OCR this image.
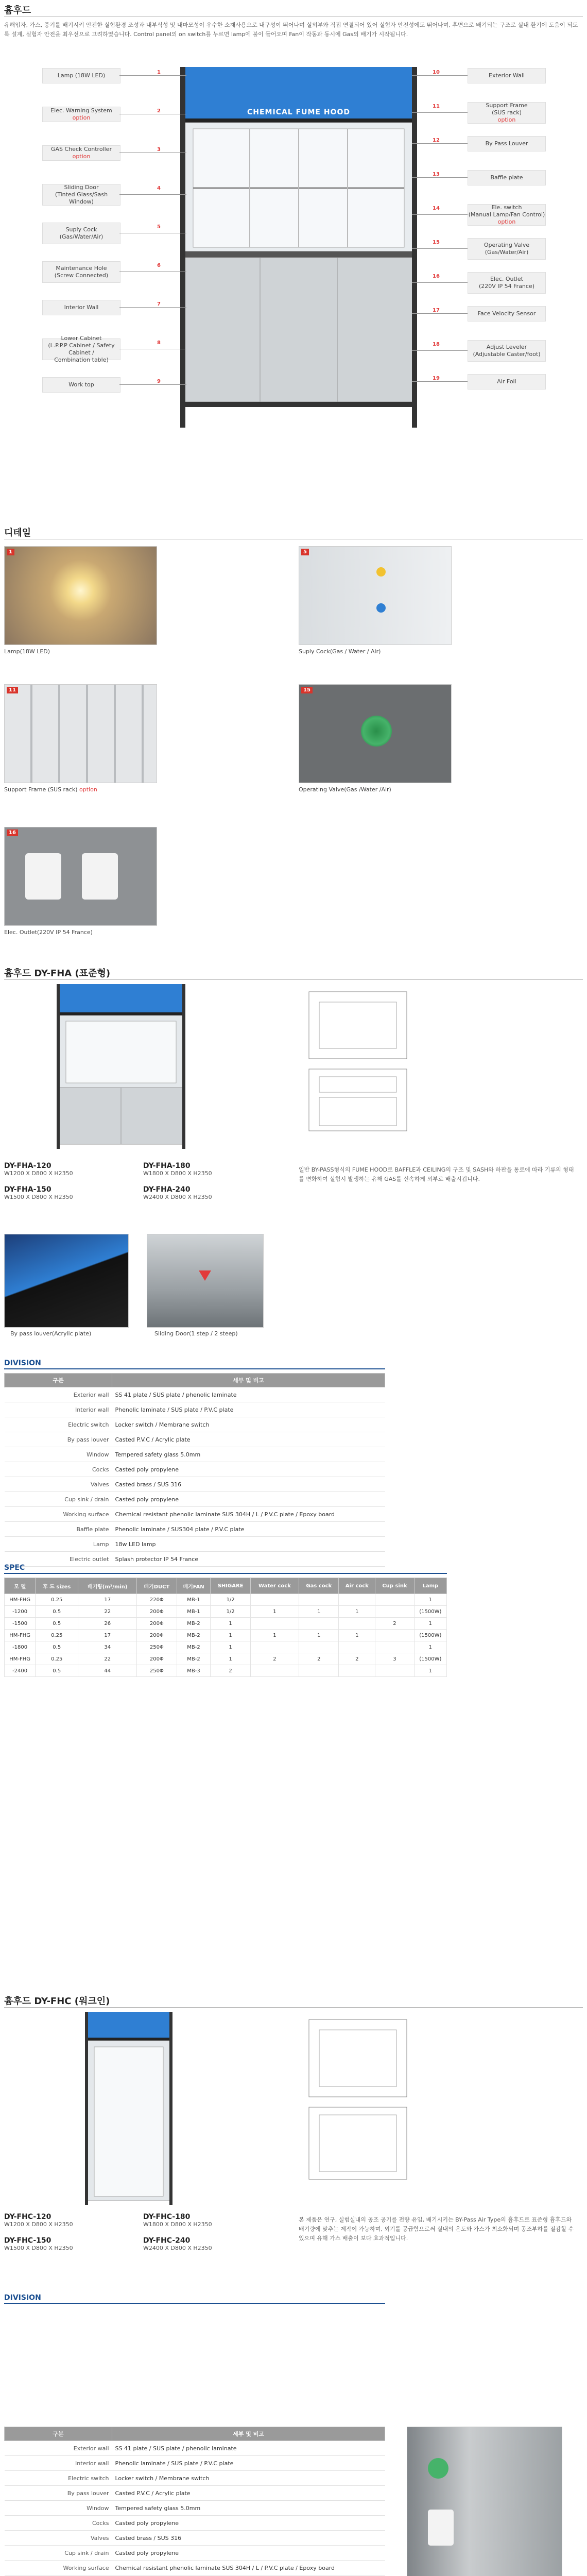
흄후드
유해입자, 가스, 증기를 배기시켜 안전한 실험환경 조성과 내부식성 및 내마모성이 우수한 소재사용으로 내구성이 뛰어나며 실외부와 직접 연결되어 있어 실험자 안전성에도 뛰어나며, 후면으로 배기되는 구조로 실내 환기에 도움이 되도록 설계, 실험자 안전을 최우선으로 고려하였습니다. Control panel의 on switch를 누르면 lamp에 불이 들어오며 Fan이 작동과 동시에 Gas의 배기가 시작됩니다.
CHEMICAL FUME HOOD
Lamp (18W LED)	1
Elec. Warning System
option
2
GAS Check Controller
option
3
Sliding Door
(Tinted Glass/Sash Window)
4
Suply Cock
(Gas/Water/Air)
5
Maintenance Hole
(Screw Connected)
6
Interior Wall	7
Lower Cabinet
(L.P.P.P Cabinet / Safety Cabinet /
Combination table)
8
Work top	9
Exterior Wall
10
Support Frame
(SUS rack)
option
11
By Pass Louver
12
Baffle plate
13
Ele. switch
(Manual Lamp/Fan Control)
option
14
Operating Valve
(Gas/Water/Air)
15
Elec. Outlet
(220V IP 54 France)
16
Face Velocity Sensor
17
Adjust Leveler
(Adjustable Caster/foot)
18
Air Foil
19
디테일
1
Lamp(18W LED)
5
Suply Cock(Gas / Water / Air)
11
Support Frame (SUS rack) option
15
Operating Valve(Gas /Water /Air)
16
Elec. Outlet(220V IP 54 France)
흄후드 DY-FHA (표준형)
DY-FHA-120
W1200 X D800 X H2350
DY-FHA-180
W1800 X D800 X H2350
DY-FHA-150
W1500 X D800 X H2350
DY-FHA-240
W2400 X D800 X H2350
일반 BY-PASS형식의 FUME HOOD로 BAFFLE과 CEILING의 구조 및 SASH와 하판을 통로에 따라 기류의 형태를 변화하여 실험시 발생하는 유해 GAS를 신속하게 외부로 배출시킵니다.
By pass louver(Acrylic plate)	Sliding Door(1 step / 2 steep)
DIVISION
구분	세부 및 비고
Exterior wall	SS 41 plate / SUS plate / phenolic laminate
Interior wall	Phenolic laminate / SUS plate / P.V.C plate
Electric switch	Locker switch / Membrane switch
By pass louver	Casted P.V.C / Acrylic plate
Window	Tempered safety glass 5.0mm
Cocks	Casted poly propylene
Valves	Casted brass / SUS 316
Cup sink / drain	Casted poly propylene
Working surface	Chemical resistant phenolic laminate SUS 304H / L / P.V.C plate / Epoxy board
Baffle plate	Phenolic laminate / SUS304 plate / P.V.C plate
Lamp	18w LED lamp
Electric outlet	Splash protector IP 54 France
SPEC
모 델	후 드 sizes	배기량(m³/min)	배기DUCT	배기FAN	SHIGARE	Water cock	Gas cock	Air cock	Cup sink	Lamp
HM-FHG	0.25	17	220Φ	MB-1	1/2					1
-1200	0.5	22	200Φ	MB-1	1/2	1	1	1		(1500W)
-1500	0.5	26	200Φ	MB-2	1				2	1
HM-FHG	0.25	17	200Φ	MB-2	1	1	1	1		(1500W)
-1800	0.5	34	250Φ	MB-2	1					1
HM-FHG	0.25	22	200Φ	MB-2	1	2	2	2	3	(1500W)
-2400	0.5	44	250Φ	MB-3	2					1
흄후드 DY-FHC (워크인)
DY-FHC-120
W1200 X D800 X H2350
DY-FHC-180
W1800 X D800 X H2350
DY-FHC-150
W1500 X D800 X H2350
DY-FHC-240
W2400 X D800 X H2350
본 제품은 연구, 실험실내의 공조 공기를 전량 유입, 배기시키는 BY-Pass Air Type의 흄후드로 표준형 흄후드와 배기량에 맞추는 제작이 가능하며, 외기를 공급함으로써 실내의 온도와 가스가 최소화되며 공조부하를 절감할 수 있으며 유해 가스 배출이 보다 효과적입니다.
DIVISION
구분	세부 및 비고
Exterior wall	SS 41 plate / SUS plate / phenolic laminate
Interior wall	Phenolic laminate / SUS plate / P.V.C plate
Electric switch	Locker switch / Membrane switch
By pass louver	Casted P.V.C / Acrylic plate
Window	Tempered safety glass 5.0mm
Cocks	Casted poly propylene
Valves	Casted brass / SUS 316
Cup sink / drain	Casted poly propylene
Working surface	Chemical resistant phenolic laminate SUS 304H / L / P.V.C plate / Epoxy board
